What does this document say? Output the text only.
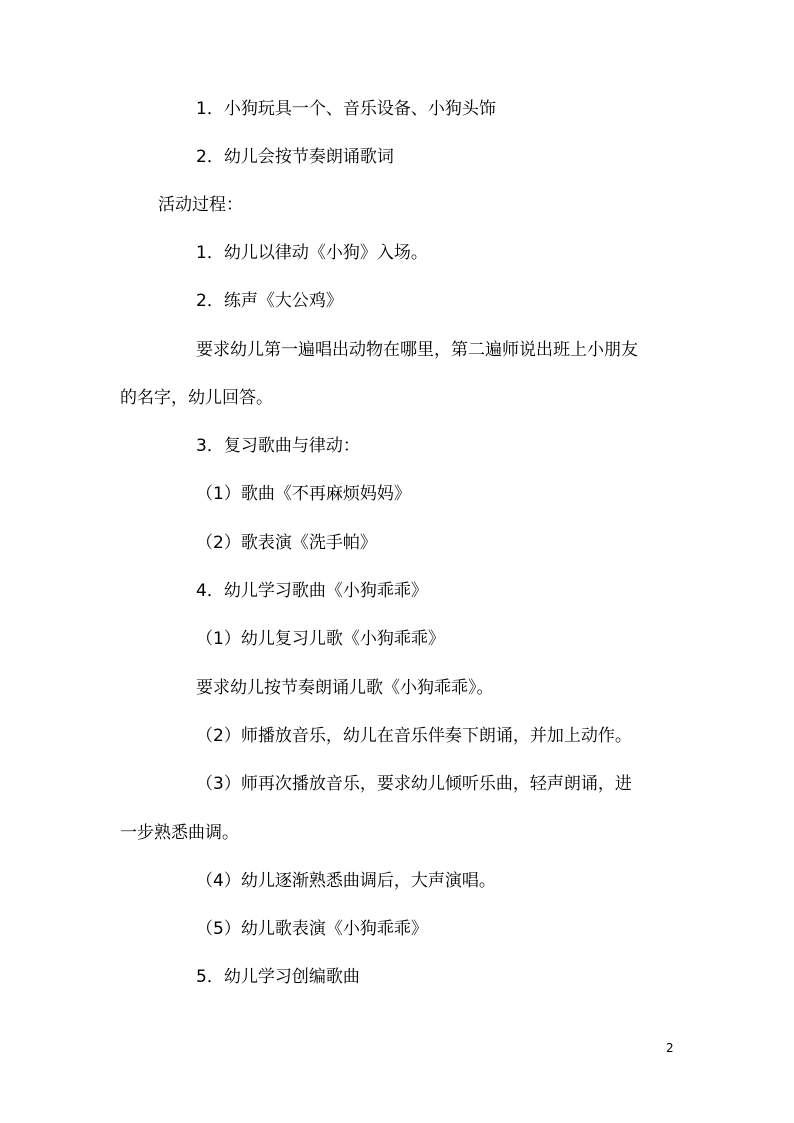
1．小狗玩具一个、音乐设备、小狗头饰
2．幼儿会按节奏朗诵歌词
活动过程：
1．幼儿以律动《小狗》入场。
2．练声《大公鸡》
要求幼儿第一遍唱出动物在哪里，第二遍师说出班上小朋友
的名字，幼儿回答。
3．复习歌曲与律动：
（1）歌曲《不再麻烦妈妈》
（2）歌表演《洗手帕》
4．幼儿学习歌曲《小狗乖乖》
（1）幼儿复习儿歌《小狗乖乖》
要求幼儿按节奏朗诵儿歌《小狗乖乖》。
（2）师播放音乐，幼儿在音乐伴奏下朗诵，并加上动作。
（3）师再次播放音乐，要求幼儿倾听乐曲，轻声朗诵，进
一步熟悉曲调。
（4）幼儿逐渐熟悉曲调后，大声演唱。
（5）幼儿歌表演《小狗乖乖》
5．幼儿学习创编歌曲
2
